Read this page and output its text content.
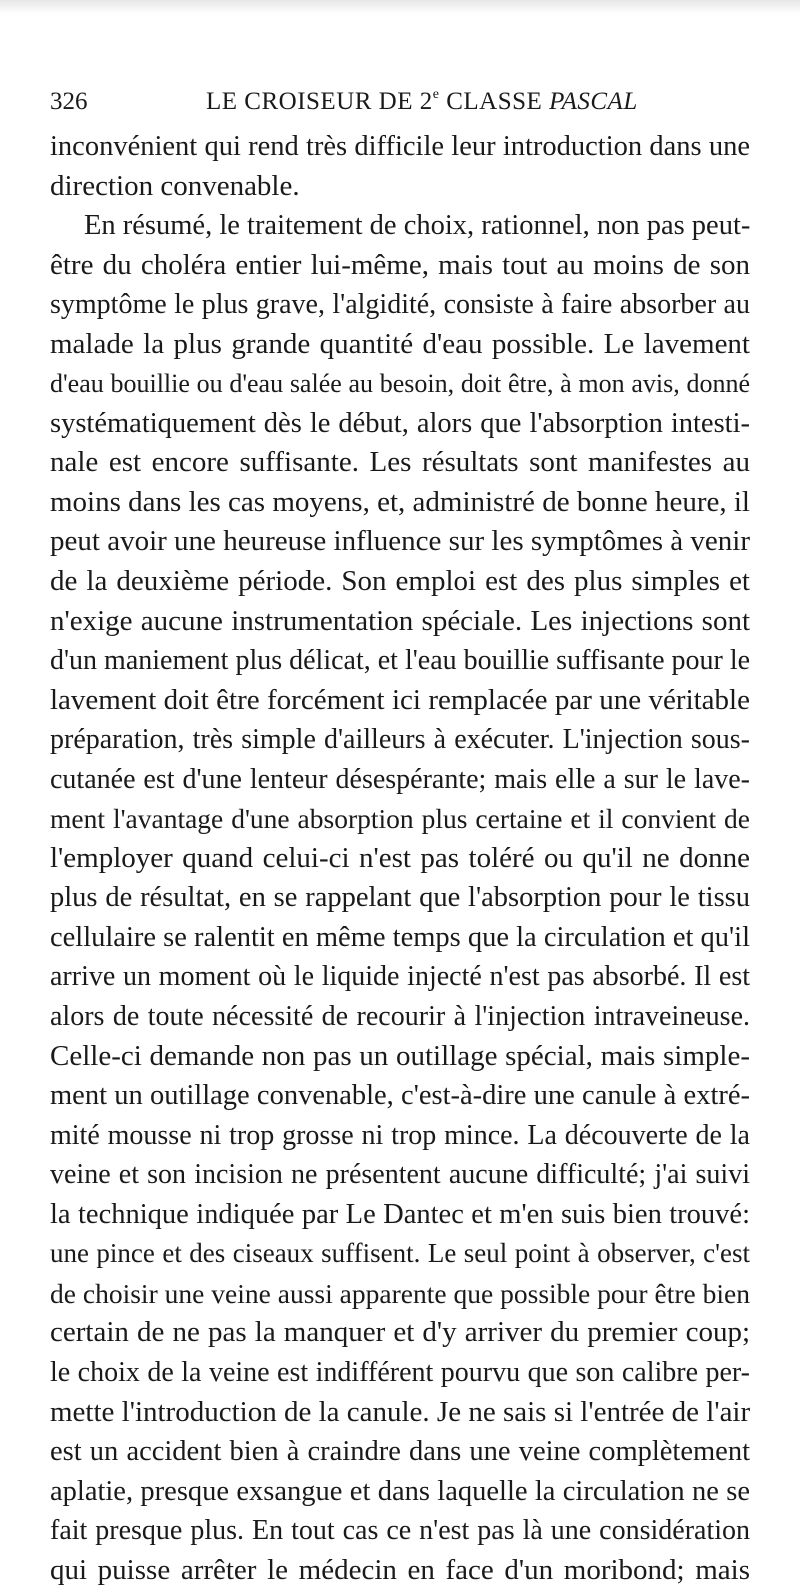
326	LE CROISEUR DE 2e CLASSE PASCAL
inconvénient qui rend très difficile leur introduction dans une
direction convenable.
En résumé, le traitement de choix, rationnel, non pas peut-
être du choléra entier lui-même, mais tout au moins de son
symptôme le plus grave, l'algidité, consiste à faire absorber au
malade la plus grande quantité d'eau possible. Le lavement
d'eau bouillie ou d'eau salée au besoin, doit être, à mon avis, donné
systématiquement dès le début, alors que l'absorption intesti-
nale est encore suffisante. Les résultats sont manifestes au
moins dans les cas moyens, et, administré de bonne heure, il
peut avoir une heureuse influence sur les symptômes à venir
de la deuxième période. Son emploi est des plus simples et
n'exige aucune instrumentation spéciale. Les injections sont
d'un maniement plus délicat, et l'eau bouillie suffisante pour le
lavement doit être forcément ici remplacée par une véritable
préparation, très simple d'ailleurs à exécuter. L'injection sous-
cutanée est d'une lenteur désespérante; mais elle a sur le lave-
ment l'avantage d'une absorption plus certaine et il convient de
l'employer quand celui-ci n'est pas toléré ou qu'il ne donne
plus de résultat, en se rappelant que l'absorption pour le tissu
cellulaire se ralentit en même temps que la circulation et qu'il
arrive un moment où le liquide injecté n'est pas absorbé. Il est
alors de toute nécessité de recourir à l'injection intraveineuse.
Celle-ci demande non pas un outillage spécial, mais simple-
ment un outillage convenable, c'est-à-dire une canule à extré-
mité mousse ni trop grosse ni trop mince. La découverte de la
veine et son incision ne présentent aucune difficulté; j'ai suivi
la technique indiquée par Le Dantec et m'en suis bien trouvé:
une pince et des ciseaux suffisent. Le seul point à observer, c'est
de choisir une veine aussi apparente que possible pour être bien
certain de ne pas la manquer et d'y arriver du premier coup;
le choix de la veine est indifférent pourvu que son calibre per-
mette l'introduction de la canule. Je ne sais si l'entrée de l'air
est un accident bien à craindre dans une veine complètement
aplatie, presque exsangue et dans laquelle la circulation ne se
fait presque plus. En tout cas ce n'est pas là une considération
qui puisse arrêter le médecin en face d'un moribond; mais
